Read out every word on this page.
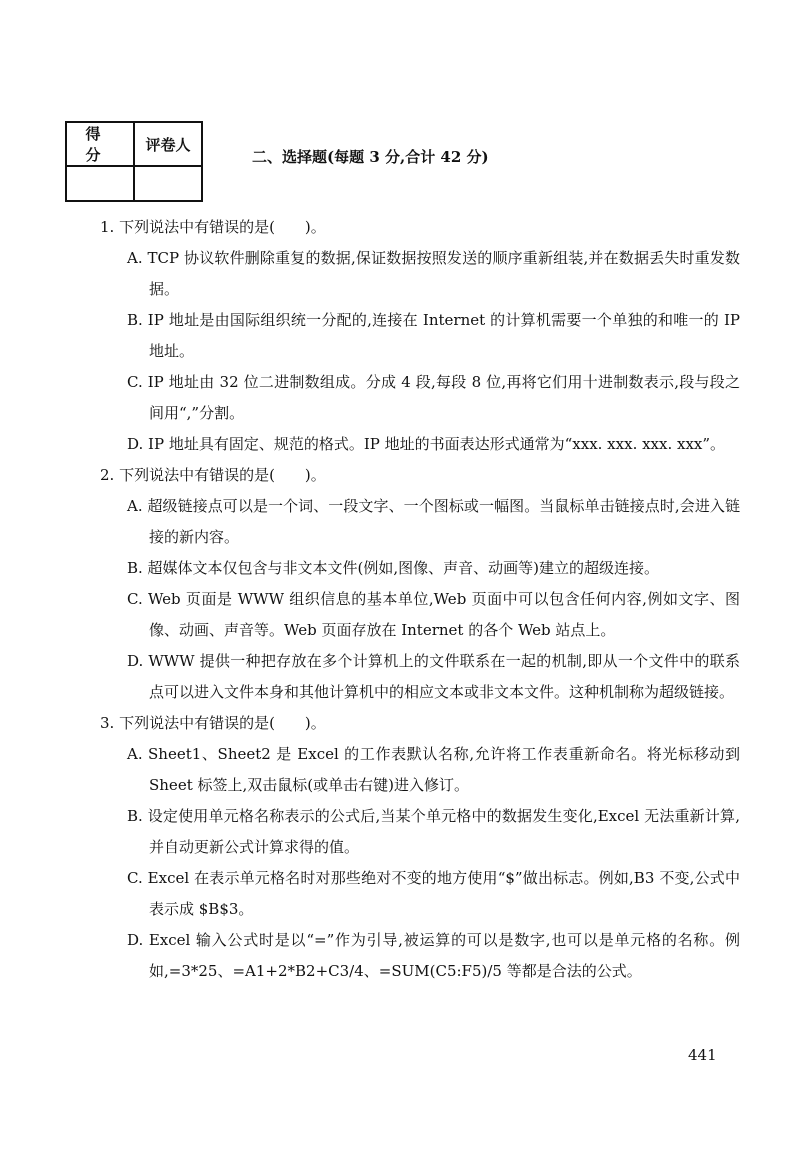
得 分	评卷人

二、选择题(每题 3 分,合计 42 分)

1. 下列说法中有错误的是(　　)。

A. TCP 协议软件删除重复的数据,保证数据按照发送的顺序重新组装,并在数据丢失时重发数据。

B. IP 地址是由国际组织统一分配的,连接在 Internet 的计算机需要一个单独的和唯一的 IP 地址。

C. IP 地址由 32 位二进制数组成。分成 4 段,每段 8 位,再将它们用十进制数表示,段与段之间用“,”分割。

D. IP 地址具有固定、规范的格式。IP 地址的书面表达形式通常为“xxx. xxx. xxx. xxx”。

2. 下列说法中有错误的是(　　)。

A. 超级链接点可以是一个词、一段文字、一个图标或一幅图。当鼠标单击链接点时,会进入链接的新内容。

B. 超媒体文本仅包含与非文本文件(例如,图像、声音、动画等)建立的超级连接。

C. Web 页面是 WWW 组织信息的基本单位,Web 页面中可以包含任何内容,例如文字、图像、动画、声音等。Web 页面存放在 Internet 的各个 Web 站点上。

D. WWW 提供一种把存放在多个计算机上的文件联系在一起的机制,即从一个文件中的联系点可以进入文件本身和其他计算机中的相应文本或非文本文件。这种机制称为超级链接。

3. 下列说法中有错误的是(　　)。

A. Sheet1、Sheet2 是 Excel 的工作表默认名称,允许将工作表重新命名。将光标移动到 Sheet 标签上,双击鼠标(或单击右键)进入修订。

B. 设定使用单元格名称表示的公式后,当某个单元格中的数据发生变化,Excel 无法重新计算,并自动更新公式计算求得的值。

C. Excel 在表示单元格名时对那些绝对不变的地方使用“$”做出标志。例如,B3 不变,公式中表示成 $B$3。

D. Excel 输入公式时是以“=”作为引导,被运算的可以是数字,也可以是单元格的名称。例如,=3*25、=A1+2*B2+C3/4、=SUM(C5:F5)/5 等都是合法的公式。

441
